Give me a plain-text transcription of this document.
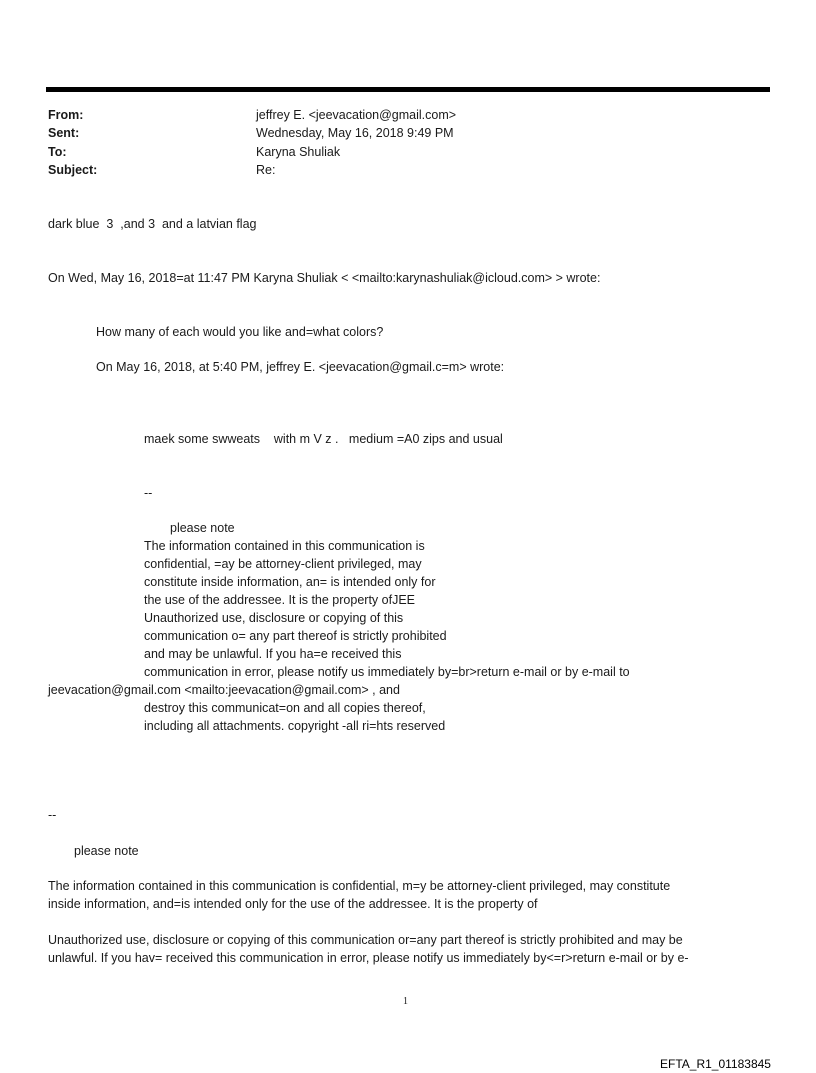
From:	jeffrey E. <jeevacation@gmail.com>
Sent:	Wednesday, May 16, 2018 9:49 PM
To:	Karyna Shuliak
Subject:	Re:
dark blue  3  ,and 3  and a latvian flag
On Wed, May 16, 2018=at 11:47 PM Karyna Shuliak < <mailto:karynashuliak@icloud.com> > wrote:
How many of each would you like and=what colors?
On May 16, 2018, at 5:40 PM, jeffrey E. <jeevacation@gmail.c=m> wrote:
maek some swweats    with m V z .   medium =A0 zips and usual
--
please note
The information contained in this communication is
confidential, =ay be attorney-client privileged, may
constitute inside information, an= is intended only for
the use of the addressee. It is the property ofJEE
Unauthorized use, disclosure or copying of this
communication o= any part thereof is strictly prohibited
and may be unlawful. If you ha=e received this
communication in error, please notify us immediately by=br>return e-mail or by e-mail to
jeevacation@gmail.com <mailto:jeevacation@gmail.com> , and
destroy this communicat=on and all copies thereof,
including all attachments. copyright -all ri=hts reserved
--
please note
The information contained in this communication is confidential, m=y be attorney-client privileged, may constitute
inside information, and=is intended only for the use of the addressee. It is the property of
Unauthorized use, disclosure or copying of this communication or=any part thereof is strictly prohibited and may be
unlawful. If you hav= received this communication in error, please notify us immediately by<=r>return e-mail or by e-
1
EFTA_R1_01183845
